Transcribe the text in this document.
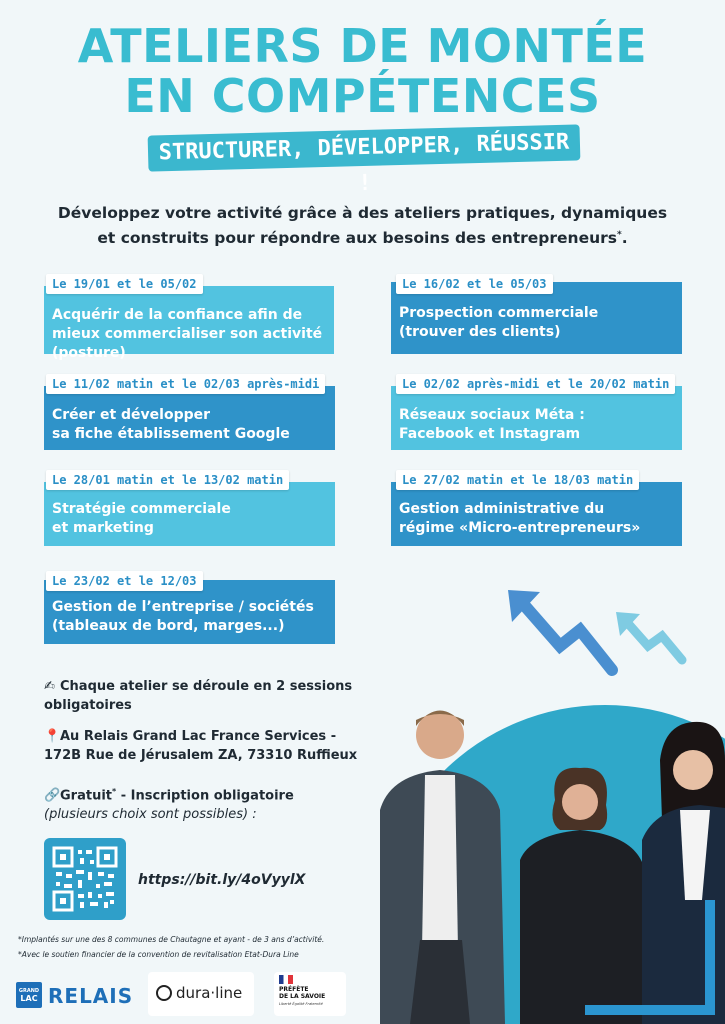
ATELIERS DE MONTÉE
EN COMPÉTENCES
STRUCTURER, DÉVELOPPER, RÉUSSIR !
Développez votre activité grâce à des ateliers pratiques, dynamiques
et construits pour répondre aux besoins des entrepreneurs*.
Acquérir de la confiance afin de
mieux commercialiser son activité
(posture)
Le 19/01 et le 05/02
Prospection commerciale
(trouver des clients)
Le 16/02 et le 05/03
Créer et développer
sa fiche établissement Google
Le 11/02 matin et le 02/03 après-midi
Réseaux sociaux Méta :
Facebook et Instagram
Le 02/02 après-midi et le 20/02 matin
Stratégie commerciale
et marketing
Le 28/01 matin et le 13/02 matin
Gestion administrative du
régime «Micro-entrepreneurs»
Le 27/02 matin et le 18/03 matin
Gestion de l’entreprise / sociétés
(tableaux de bord, marges...)
Le 23/02 et le 12/03
✍ Chaque atelier se déroule en 2 sessions
obligatoires
📍Au Relais Grand Lac France Services -
172B Rue de Jérusalem ZA, 73310 Ruffieux
🔗Gratuit* - Inscription obligatoire
(plusieurs choix sont possibles) :
https://bit.ly/4oVyylX
*Implantés sur une des 8 communes de Chautagne et ayant - de 3 ans d’activité.
*Avec le soutien financier de la convention de revitalisation Etat-Dura Line
GRAND
LAC RELAIS	dura·line	PRÉFÈTE
DE LA SAVOIE
Liberté Égalité Fraternité
